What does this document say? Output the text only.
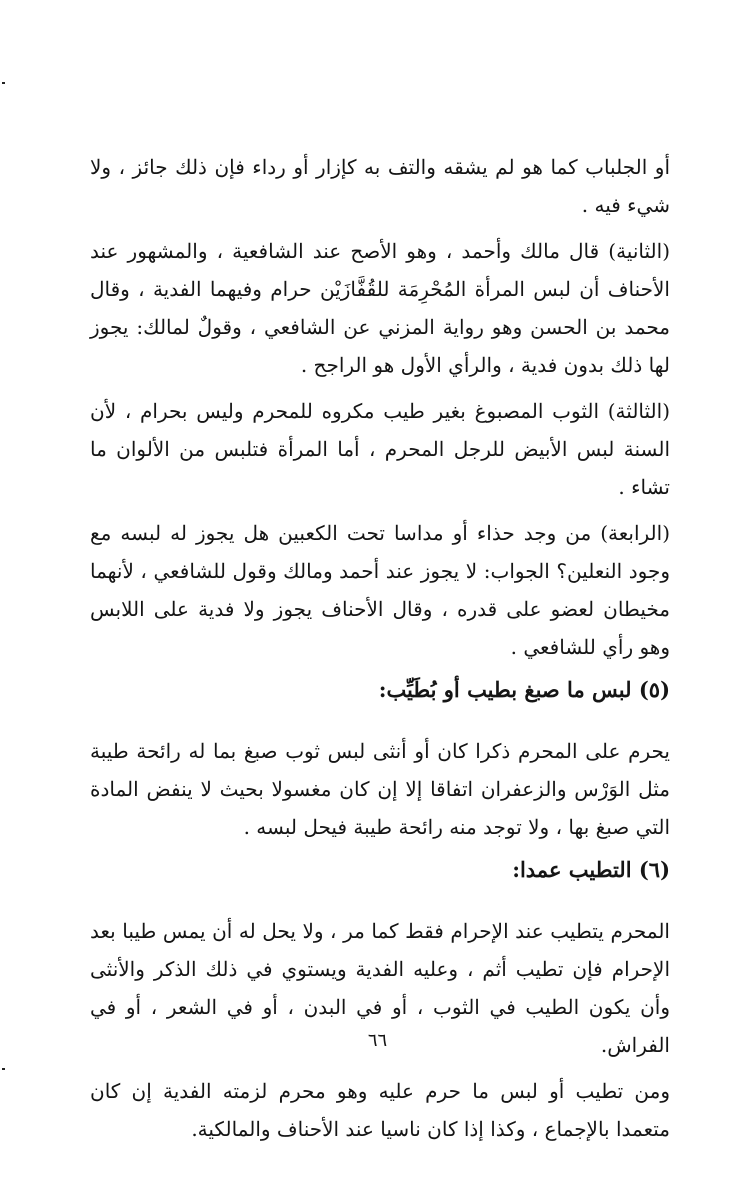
أو الجلباب كما هو لم يشقه والتف به كإزار أو رداء فإن ذلك جائز ، ولا شيء فيه .

(الثانية) قال مالك وأحمد ، وهو الأصح عند الشافعية ، والمشهور عند الأحناف أن لبس المرأة المُحْرِمَة للقُفَّازَيْن حرام وفيهما الفدية ، وقال محمد بن الحسن وهو رواية المزني عن الشافعي ، وقولٌ لمالك: يجوز لها ذلك بدون فدية ، والرأي الأول هو الراجح .

(الثالثة) الثوب المصبوغ بغير طيب مكروه للمحرم وليس بحرام ، لأن السنة لبس الأبيض للرجل المحرم ، أما المرأة فتلبس من الألوان ما تشاء .

(الرابعة) من وجد حذاء أو مداسا تحت الكعبين هل يجوز له لبسه مع وجود النعلين؟ الجواب: لا يجوز عند أحمد ومالك وقول للشافعي ، لأنهما مخيطان لعضو على قدره ، وقال الأحناف يجوز ولا فدية على اللابس وهو رأي للشافعي .

(٥) لبس ما صبغ بطيب أو بُطَيِّب:

يحرم على المحرم ذكرا كان أو أنثى لبس ثوب صبغ بما له رائحة طيبة مثل الوَرْس والزعفران اتفاقا إلا إن كان مغسولا بحيث لا ينفض المادة التي صبغ بها ، ولا توجد منه رائحة طيبة فيحل لبسه .

(٦) التطيب عمدا:

المحرم يتطيب عند الإحرام فقط كما مر ، ولا يحل له أن يمس طيبا بعد الإحرام فإن تطيب أثم ، وعليه الفدية ويستوي في ذلك الذكر والأنثى وأن يكون الطيب في الثوب ، أو في البدن ، أو في الشعر ، أو في الفراش.

ومن تطيب أو لبس ما حرم عليه وهو محرم لزمته الفدية إن كان متعمدا بالإجماع ، وكذا إذا كان ناسيا عند الأحناف والمالكية.

٦٦
